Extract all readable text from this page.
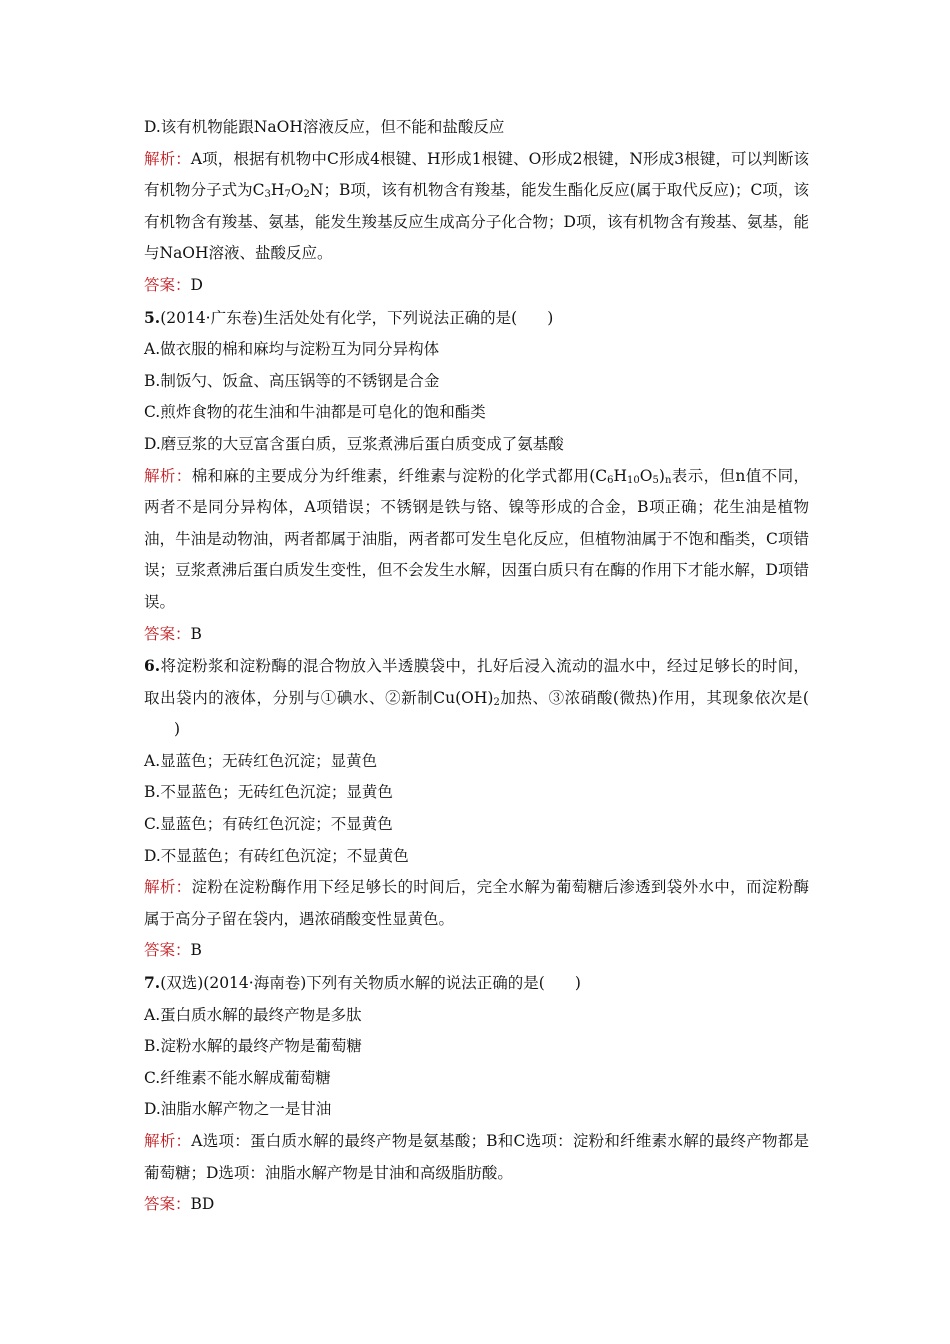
D.该有机物能跟NaOH溶液反应，但不能和盐酸反应
解析：A项，根据有机物中C形成4根键、H形成1根键、O形成2根键，N形成3根键，可以判断该有机物分子式为$C_3H_7O_2N$；B项，该有机物含有羧基，能发生酯化反应(属于取代反应)；C项，该有机物含有羧基、氨基，能发生羧基反应生成高分子化合物；D项，该有机物含有羧基、氨基，能与NaOH溶液、盐酸反应。
答案：D
5.(2014·广东卷)生活处处有化学，下列说法正确的是( )
A.做衣服的棉和麻均与淀粉互为同分异构体
B.制饭勺、饭盒、高压锅等的不锈钢是合金
C.煎炸食物的花生油和牛油都是可皂化的饱和酯类
D.磨豆浆的大豆富含蛋白质，豆浆煮沸后蛋白质变成了氨基酸
解析：棉和麻的主要成分为纤维素，纤维素与淀粉的化学式都用$(C_6H_{10}O_5)_n$表示，但n值不同，两者不是同分异构体，A项错误；不锈钢是铁与铬、镍等形成的合金，B项正确；花生油是植物油，牛油是动物油，两者都属于油脂，两者都可发生皂化反应，但植物油属于不饱和酯类，C项错误；豆浆煮沸后蛋白质发生变性，但不会发生水解，因蛋白质只有在酶的作用下才能水解，D项错误。
答案：B
6.将淀粉浆和淀粉酶的混合物放入半透膜袋中，扎好后浸入流动的温水中，经过足够长的时间，取出袋内的液体，分别与①碘水、②新制$Cu(OH)_2$加热、③浓硝酸(微热)作用，其现象依次是()
A.显蓝色；无砖红色沉淀；显黄色
B.不显蓝色；无砖红色沉淀；显黄色
C.显蓝色；有砖红色沉淀；不显黄色
D.不显蓝色；有砖红色沉淀；不显黄色
解析：淀粉在淀粉酶作用下经足够长的时间后，完全水解为葡萄糖后渗透到袋外水中，而淀粉酶属于高分子留在袋内，遇浓硝酸变性显黄色。
答案：B
7.(双选)(2014·海南卷)下列有关物质水解的说法正确的是( )
A.蛋白质水解的最终产物是多肽
B.淀粉水解的最终产物是葡萄糖
C.纤维素不能水解成葡萄糖
D.油脂水解产物之一是甘油
解析：A选项：蛋白质水解的最终产物是氨基酸；B和C选项：淀粉和纤维素水解的最终产物都是葡萄糖；D选项：油脂水解产物是甘油和高级脂肪酸。
答案：BD
